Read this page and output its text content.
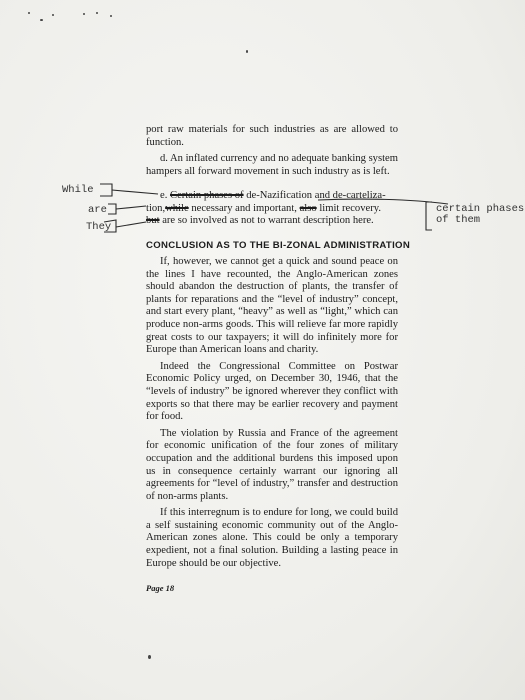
port raw materials for such industries as are allowed to function.

d. An inflated currency and no adequate banking system hampers all forward movement in such industry as is left.

e. Certain phases of de-Nazification and de-carteliza-
tion,while necessary and important, also limit recovery.
but are so involved as not to warrant description here.
While
are
They
certain phases
of them
CONCLUSION AS TO THE BI-ZONAL ADMINISTRATION

If, however, we cannot get a quick and sound peace on the lines I have recounted, the Anglo-American zones should abandon the destruction of plants, the transfer of plants for reparations and the “level of industry” concept, and start every plant, “heavy” as well as “light,” which can produce non-arms goods. This will relieve far more rapidly great costs to our taxpayers; it will do infinitely more for Europe than American loans and charity.

Indeed the Congressional Committee on Postwar Economic Policy urged, on December 30, 1946, that the “levels of industry” be ignored wherever they conflict with exports so that there may be earlier recovery and payment for food.

The violation by Russia and France of the agreement for economic unification of the four zones of military occupation and the additional burdens this imposed upon us in consequence certainly warrant our ignoring all agreements for “level of industry,” transfer and destruction of non-arms plants.

If this interregnum is to endure for long, we could build a self sustaining economic community out of the Anglo-American zones alone. This could be only a temporary expedient, not a final solution. Building a lasting peace in Europe should be our objective.

Page 18
